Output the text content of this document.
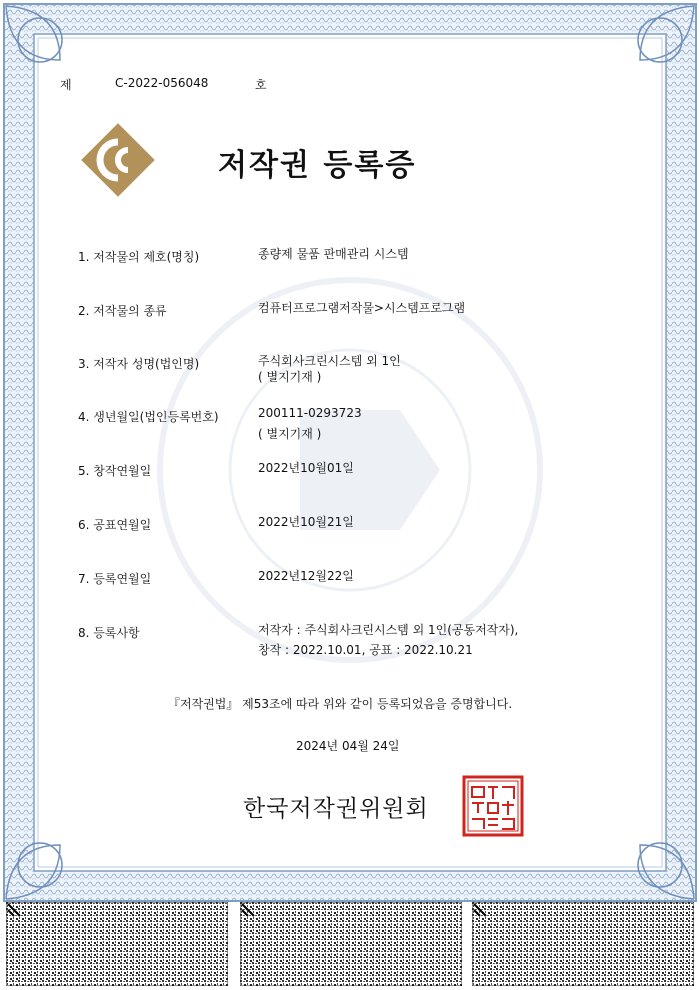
제	C-2022-056048	호
저작권 등록증
1. 저작물의 제호(명칭)	종량제 물품 판매관리 시스템
2. 저작물의 종류	컴퓨터프로그램저작물>시스템프로그램
3. 저작자 성명(법인명)	주식회사크린시스템 외 1인
( 별지기재 )
4. 생년월일(법인등록번호)	200111-0293723
( 별지기재 )
5. 창작연월일	2022년10월01일
6. 공표연월일	2022년10월21일
7. 등록연월일	2022년12월22일
8. 등록사항	저작자 : 주식회사크린시스템 외 1인(공동저작자),
창작 : 2022.10.01, 공표 : 2022.10.21
『저작권법』 제53조에 따라 위와 같이 등록되었음을 증명합니다.
2024년 04월 24일
한국저작권위원회
